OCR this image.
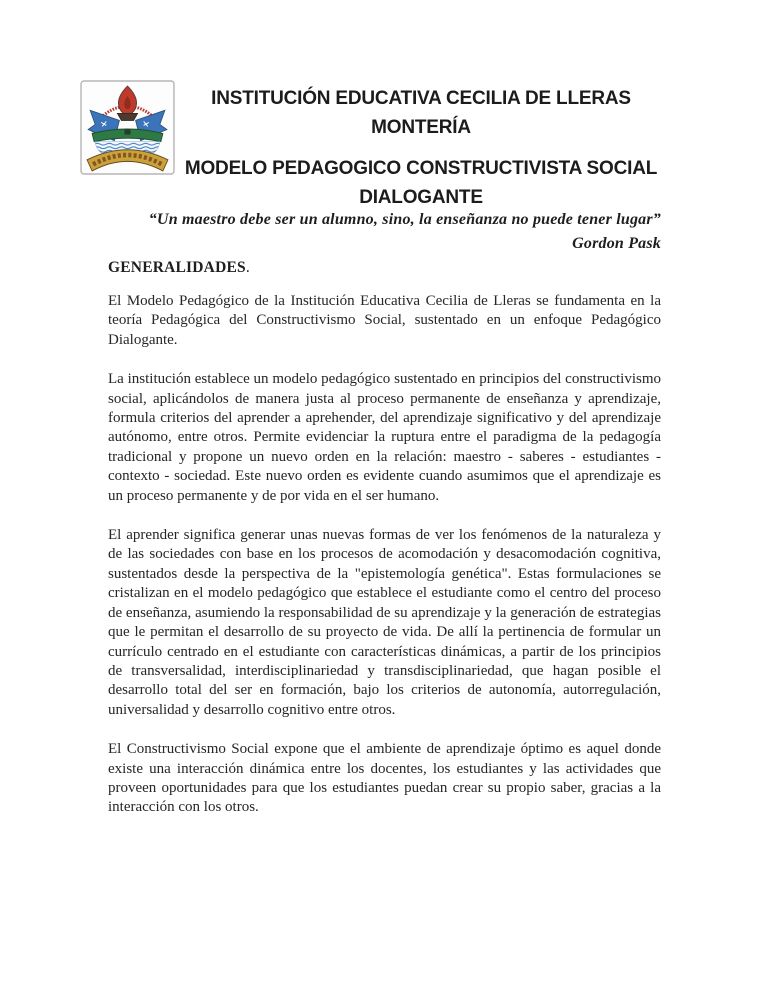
INSTITUCIÓN EDUCATIVA CECILIA DE LLERAS
MONTERÍA
MODELO PEDAGOGICO CONSTRUCTIVISTA SOCIAL
DIALOGANTE
“Un maestro debe ser un alumno, sino, la enseñanza no puede tener lugar”
Gordon Pask
GENERALIDADES.

El Modelo Pedagógico de la Institución Educativa Cecilia de Lleras se fundamenta en la teoría Pedagógica del Constructivismo Social, sustentado en un enfoque Pedagógico Dialogante.

La institución establece un modelo pedagógico sustentado en principios del constructivismo social, aplicándolos de manera justa al proceso permanente de enseñanza y aprendizaje, formula criterios del aprender a aprehender, del aprendizaje significativo y del aprendizaje autónomo, entre otros. Permite evidenciar la ruptura entre el paradigma de la pedagogía tradicional y propone un nuevo orden en la relación: maestro - saberes - estudiantes - contexto - sociedad. Este nuevo orden es evidente cuando asumimos que el aprendizaje es un proceso permanente y de por vida en el ser humano.

El aprender significa generar unas nuevas formas de ver los fenómenos de la naturaleza y de las sociedades con base en los procesos de acomodación y desacomodación cognitiva, sustentados desde la perspectiva de la "epistemología genética". Estas formulaciones se cristalizan en el modelo pedagógico que establece el estudiante como el centro del proceso de enseñanza, asumiendo la responsabilidad de su aprendizaje y la generación de estrategias que le permitan el desarrollo de su proyecto de vida. De allí la pertinencia de formular un currículo centrado en el estudiante con características dinámicas, a partir de los principios de transversalidad, interdisciplinariedad y transdisciplinariedad, que hagan posible el desarrollo total del ser en formación, bajo los criterios de autonomía, autorregulación, universalidad y desarrollo cognitivo entre otros.

El Constructivismo Social expone que el ambiente de aprendizaje óptimo es aquel donde existe una interacción dinámica entre los docentes, los estudiantes y las actividades que proveen oportunidades para que los estudiantes puedan crear su propio saber, gracias a la interacción con los otros.
